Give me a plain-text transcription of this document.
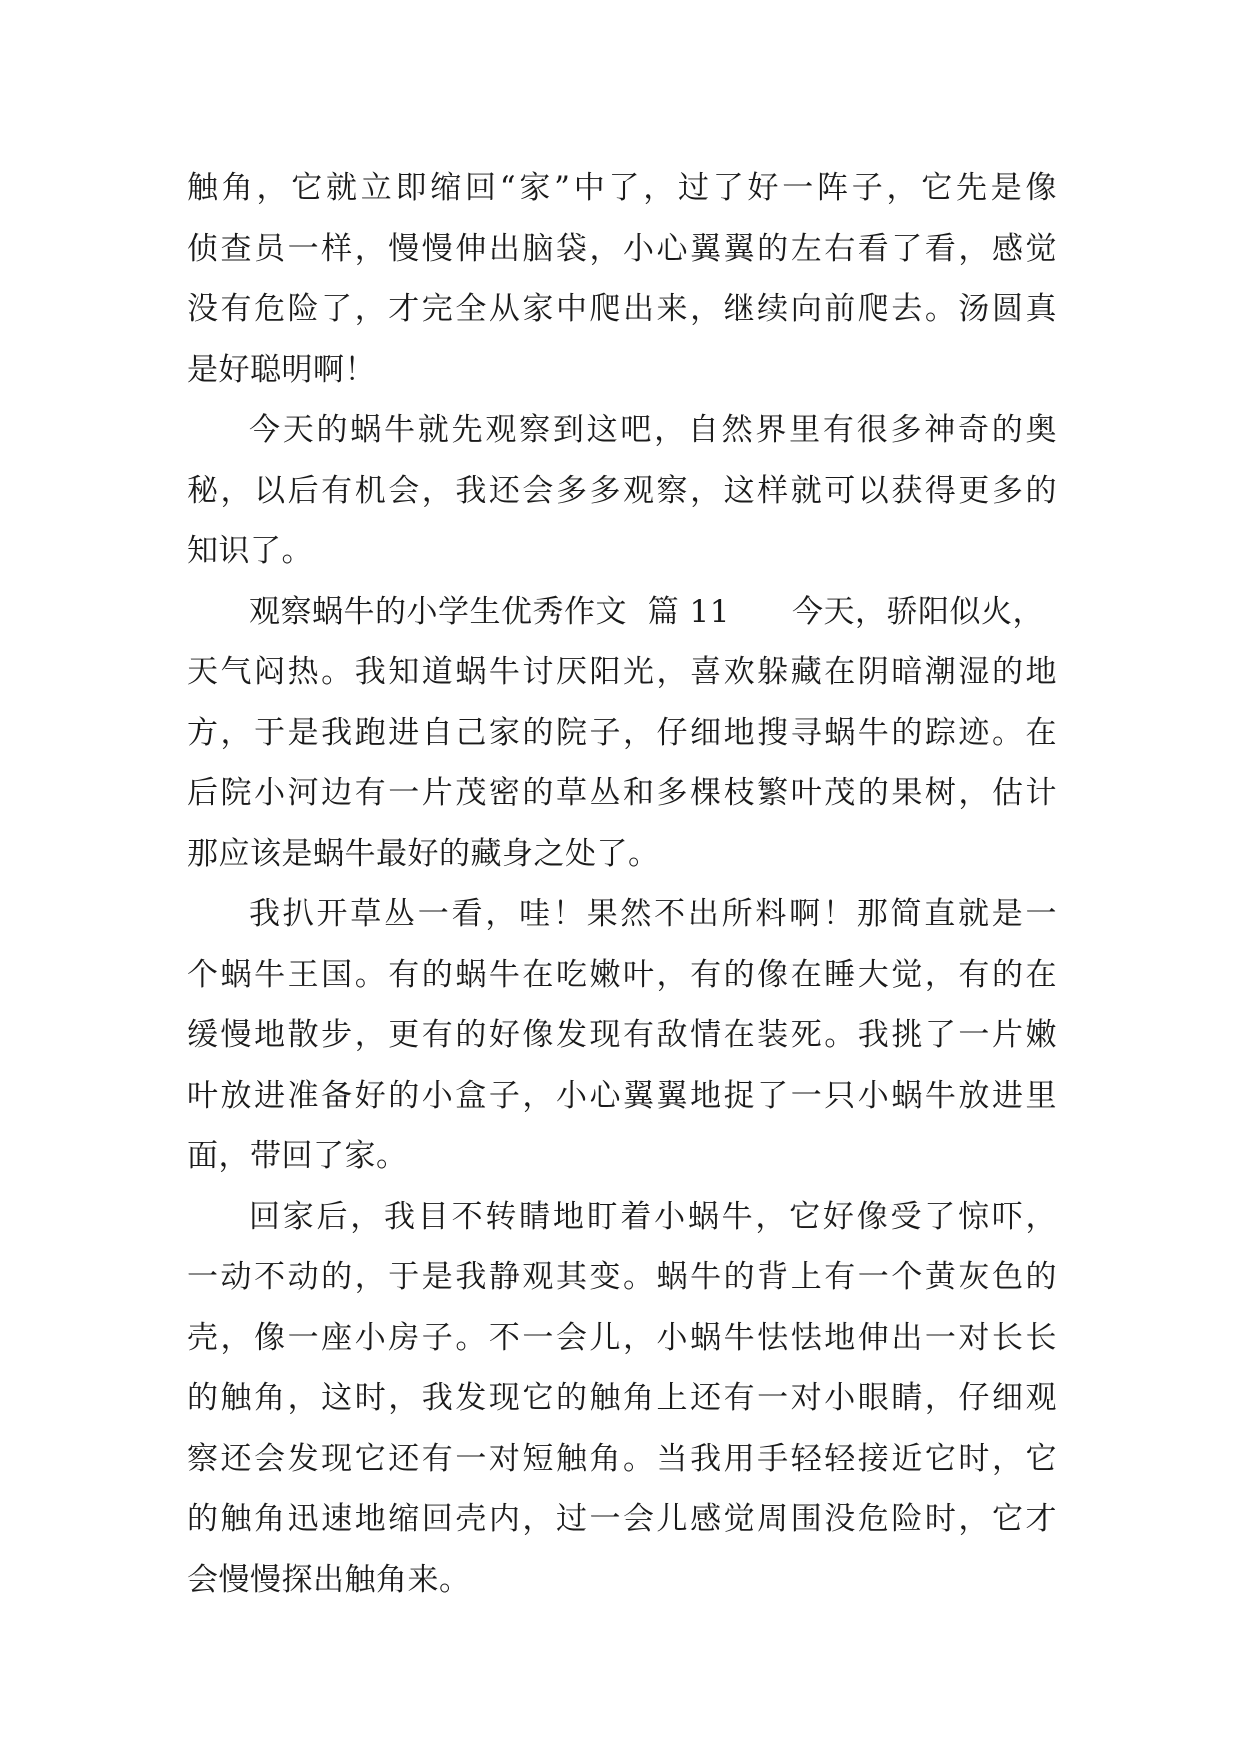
触角，它就立即缩回“家”中了，过了好一阵子，它先是像
侦查员一样，慢慢伸出脑袋，小心翼翼的左右看了看，感觉
没有危险了，才完全从家中爬出来，继续向前爬去。汤圆真
是好聪明啊！
今天的蜗牛就先观察到这吧，自然界里有很多神奇的奥
秘，以后有机会，我还会多多观察，这样就可以获得更多的
知识了。
观察蜗牛的小学生优秀作文  篇 11 今天，骄阳似火，
天气闷热。我知道蜗牛讨厌阳光，喜欢躲藏在阴暗潮湿的地
方，于是我跑进自己家的院子，仔细地搜寻蜗牛的踪迹。在
后院小河边有一片茂密的草丛和多棵枝繁叶茂的果树，估计
那应该是蜗牛最好的藏身之处了。
我扒开草丛一看，哇！果然不出所料啊！那简直就是一
个蜗牛王国。有的蜗牛在吃嫩叶，有的像在睡大觉，有的在
缓慢地散步，更有的好像发现有敌情在装死。我挑了一片嫩
叶放进准备好的小盒子，小心翼翼地捉了一只小蜗牛放进里
面，带回了家。
回家后，我目不转睛地盯着小蜗牛，它好像受了惊吓，
一动不动的，于是我静观其变。蜗牛的背上有一个黄灰色的
壳，像一座小房子。不一会儿，小蜗牛怯怯地伸出一对长长
的触角，这时，我发现它的触角上还有一对小眼睛，仔细观
察还会发现它还有一对短触角。当我用手轻轻接近它时，它
的触角迅速地缩回壳内，过一会儿感觉周围没危险时，它才
会慢慢探出触角来。
